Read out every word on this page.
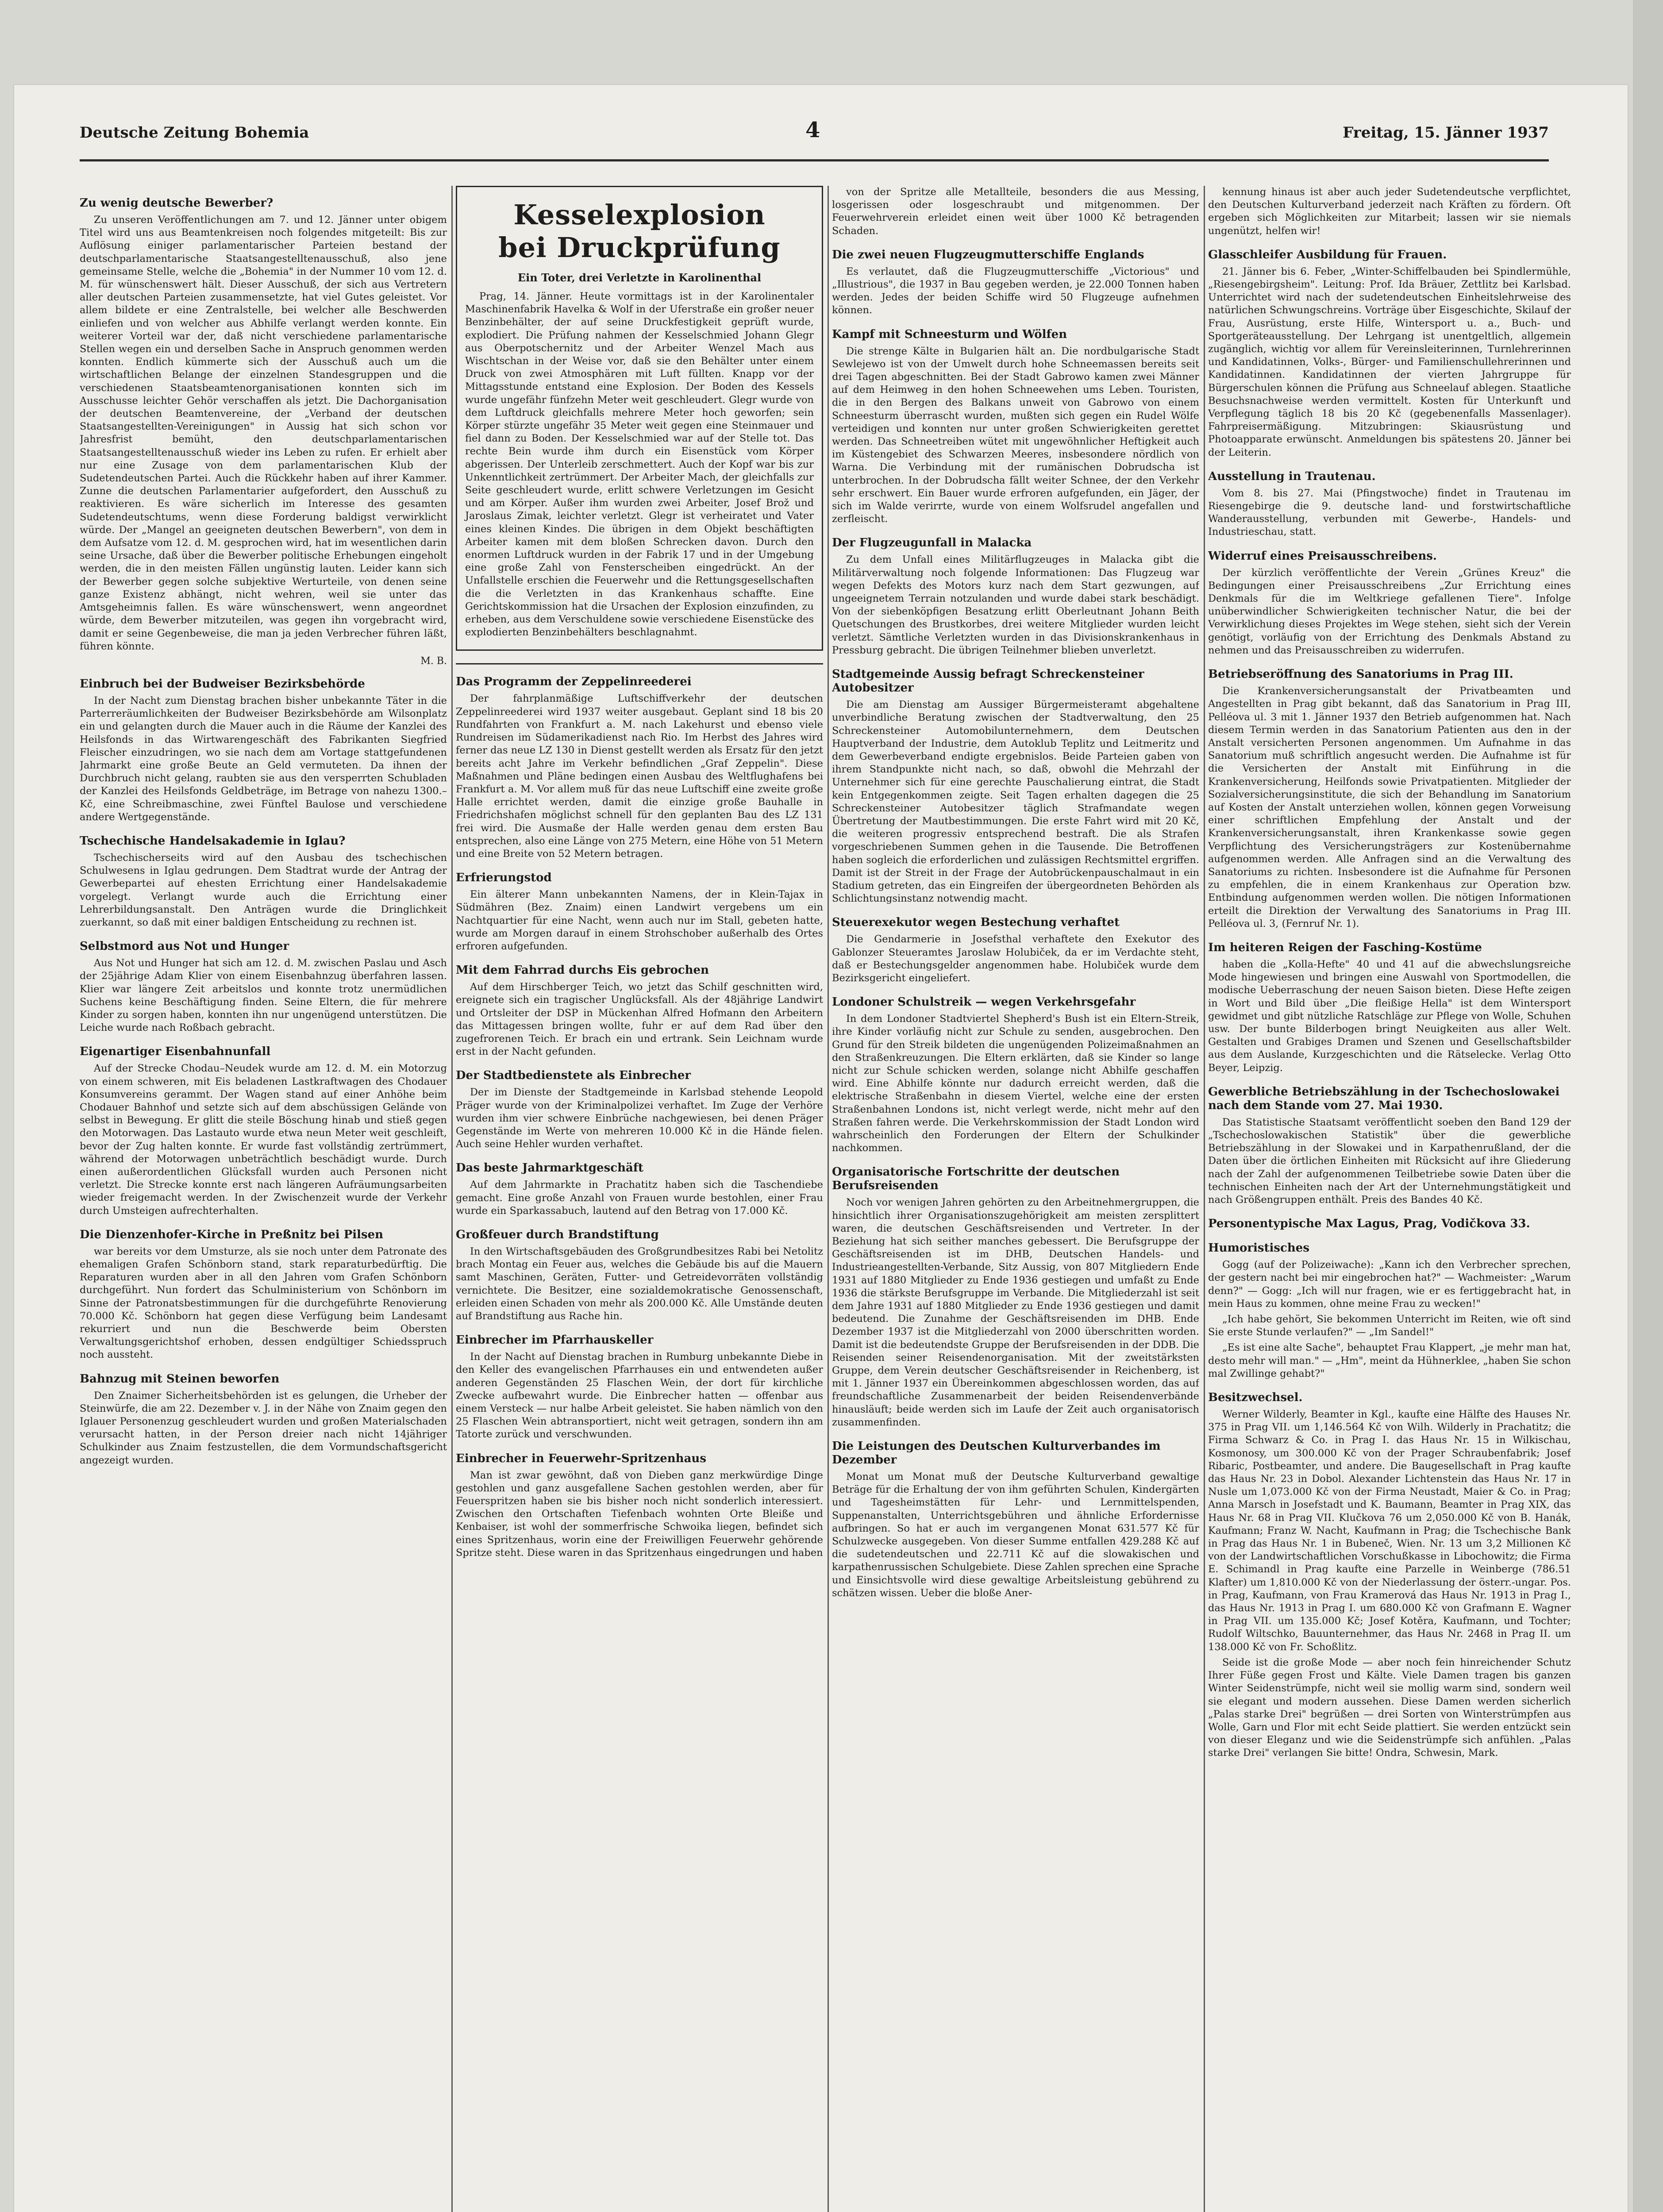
Deutsche Zeitung Bohemia	4	Freitag, 15. Jänner 1937
Zu wenig deutsche Bewerber?

Zu unseren Veröffentlichungen am 7. und 12. Jänner unter obigem Titel wird uns aus Beamtenkreisen noch folgendes mitgeteilt: Bis zur Auflösung einiger parlamentarischer Parteien bestand der deutschparlamentarische Staatsangestelltenausschuß, also jene gemeinsame Stelle, welche die „Bohemia" in der Nummer 10 vom 12. d. M. für wünschenswert hält. Dieser Ausschuß, der sich aus Vertretern aller deutschen Parteien zusammensetzte, hat viel Gutes geleistet. Vor allem bildete er eine Zentralstelle, bei welcher alle Beschwerden einliefen und von welcher aus Abhilfe verlangt werden konnte. Ein weiterer Vorteil war der, daß nicht verschiedene parlamentarische Stellen wegen ein und derselben Sache in Anspruch genommen werden konnten. Endlich kümmerte sich der Ausschuß auch um die wirtschaftlichen Belange der einzelnen Standesgruppen und die verschiedenen Staatsbeamtenorganisationen konnten sich im Ausschusse leichter Gehör verschaffen als jetzt. Die Dachorganisation der deutschen Beamtenvereine, der „Verband der deutschen Staatsangestellten-Vereinigungen" in Aussig hat sich schon vor Jahresfrist bemüht, den deutschparlamentarischen Staatsangestelltenausschuß wieder ins Leben zu rufen. Er erhielt aber nur eine Zusage von dem parlamentarischen Klub der Sudetendeutschen Partei. Auch die Rückkehr haben auf ihrer Kammer. Zunne die deutschen Parlamentarier aufgefordert, den Ausschuß zu reaktivieren. Es wäre sicherlich im Interesse des gesamten Sudetendeutschtums, wenn diese Forderung baldigst verwirklicht würde. Der „Mangel an geeigneten deutschen Bewerbern", von dem in dem Aufsatze vom 12. d. M. gesprochen wird, hat im wesentlichen darin seine Ursache, daß über die Bewerber politische Erhebungen eingeholt werden, die in den meisten Fällen ungünstig lauten. Leider kann sich der Bewerber gegen solche subjektive Werturteile, von denen seine ganze Existenz abhängt, nicht wehren, weil sie unter das Amtsgeheimnis fallen. Es wäre wünschenswert, wenn angeordnet würde, dem Bewerber mitzuteilen, was gegen ihn vorgebracht wird, damit er seine Gegenbeweise, die man ja jeden Verbrecher führen läßt, führen könnte.

M. B.
Einbruch bei der Budweiser Bezirksbehörde

In der Nacht zum Dienstag brachen bisher unbekannte Täter in die Parterreräumlichkeiten der Budweiser Bezirksbehörde am Wilsonplatz ein und gelangten durch die Mauer auch in die Räume der Kanzlei des Heilsfonds in das Wirtwarengeschäft des Fabrikanten Siegfried Fleischer einzudringen, wo sie nach dem am Vortage stattgefundenen Jahrmarkt eine große Beute an Geld vermuteten. Da ihnen der Durchbruch nicht gelang, raubten sie aus den versperrten Schubladen der Kanzlei des Heilsfonds Geldbeträge, im Betrage von nahezu 1300.– Kč, eine Schreibmaschine, zwei Fünftel Baulose und verschiedene andere Wertgegenstände.

Tschechische Handelsakademie in Iglau?

Tschechischerseits wird auf den Ausbau des tschechischen Schulwesens in Iglau gedrungen. Dem Stadtrat wurde der Antrag der Gewerbepartei auf ehesten Errichtung einer Handelsakademie vorgelegt. Verlangt wurde auch die Errichtung einer Lehrerbildungsanstalt. Den Anträgen wurde die Dringlichkeit zuerkannt, so daß mit einer baldigen Entscheidung zu rechnen ist.

Selbstmord aus Not und Hunger

Aus Not und Hunger hat sich am 12. d. M. zwischen Paslau und Asch der 25jährige Adam Klier von einem Eisenbahnzug überfahren lassen. Klier war längere Zeit arbeitslos und konnte trotz unermüdlichen Suchens keine Beschäftigung finden. Seine Eltern, die für mehrere Kinder zu sorgen haben, konnten ihn nur ungenügend unterstützen. Die Leiche wurde nach Roßbach gebracht.

Eigenartiger Eisenbahnunfall

Auf der Strecke Chodau–Neudek wurde am 12. d. M. ein Motorzug von einem schweren, mit Eis beladenen Lastkraftwagen des Chodauer Konsumvereins gerammt. Der Wagen stand auf einer Anhöhe beim Chodauer Bahnhof und setzte sich auf dem abschüssigen Gelände von selbst in Bewegung. Er glitt die steile Böschung hinab und stieß gegen den Motorwagen. Das Lastauto wurde etwa neun Meter weit geschleift, bevor der Zug halten konnte. Er wurde fast vollständig zertrümmert, während der Motorwagen unbeträchtlich beschädigt wurde. Durch einen außerordentlichen Glücksfall wurden auch Personen nicht verletzt. Die Strecke konnte erst nach längeren Aufräumungsarbeiten wieder freigemacht werden. In der Zwischenzeit wurde der Verkehr durch Umsteigen aufrechterhalten.

Die Dienzenhofer-Kirche in Preßnitz bei Pilsen

war bereits vor dem Umsturze, als sie noch unter dem Patronate des ehemaligen Grafen Schönborn stand, stark reparaturbedürftig. Die Reparaturen wurden aber in all den Jahren vom Grafen Schönborn durchgeführt. Nun fordert das Schulministerium von Schönborn im Sinne der Patronatsbestimmungen für die durchgeführte Renovierung 70.000 Kč. Schönborn hat gegen diese Verfügung beim Landesamt rekurriert und nun die Beschwerde beim Obersten Verwaltungsgerichtshof erhoben, dessen endgültiger Schiedsspruch noch aussteht.

Bahnzug mit Steinen beworfen

Den Znaimer Sicherheitsbehörden ist es gelungen, die Urheber der Steinwürfe, die am 22. Dezember v. J. in der Nähe von Znaim gegen den Iglauer Personenzug geschleudert wurden und großen Materialschaden verursacht hatten, in der Person dreier nach nicht 14jähriger Schulkinder aus Znaim festzustellen, die dem Vormundschaftsgericht angezeigt wurden.

Kesselexplosion
bei Druckprüfung
Ein Toter, drei Verletzte in Karolinenthal

Prag, 14. Jänner. Heute vormittags ist in der Karolinentaler Maschinenfabrik Havelka & Wolf in der Uferstraße ein großer neuer Benzinbehälter, der auf seine Druckfestigkeit geprüft wurde, explodiert. Die Prüfung nahmen der Kesselschmied Johann Glegr aus Oberpotschernitz und der Arbeiter Wenzel Mach aus Wischtschan in der Weise vor, daß sie den Behälter unter einem Druck von zwei Atmosphären mit Luft füllten. Knapp vor der Mittagsstunde entstand eine Explosion. Der Boden des Kessels wurde ungefähr fünfzehn Meter weit geschleudert. Glegr wurde von dem Luftdruck gleichfalls mehrere Meter hoch geworfen; sein Körper stürzte ungefähr 35 Meter weit gegen eine Steinmauer und fiel dann zu Boden. Der Kesselschmied war auf der Stelle tot. Das rechte Bein wurde ihm durch ein Eisenstück vom Körper abgerissen. Der Unterleib zerschmettert. Auch der Kopf war bis zur Unkenntlichkeit zertrümmert. Der Arbeiter Mach, der gleichfalls zur Seite geschleudert wurde, erlitt schwere Verletzungen im Gesicht und am Körper. Außer ihm wurden zwei Arbeiter, Josef Brož und Jaroslaus Zimak, leichter verletzt. Glegr ist verheiratet und Vater eines kleinen Kindes. Die übrigen in dem Objekt beschäftigten Arbeiter kamen mit dem bloßen Schrecken davon. Durch den enormen Luftdruck wurden in der Fabrik 17 und in der Umgebung eine große Zahl von Fensterscheiben eingedrückt. An der Unfallstelle erschien die Feuerwehr und die Rettungsgesellschaften die die Verletzten in das Krankenhaus schaffte. Eine Gerichtskommission hat die Ursachen der Explosion einzufinden, zu erheben, aus dem Verschuldene sowie verschiedene Eisenstücke des explodierten Benzinbehälters beschlagnahmt.

Das Programm der Zeppelinreederei

Der fahrplanmäßige Luftschiffverkehr der deutschen Zeppelinreederei wird 1937 weiter ausgebaut. Geplant sind 18 bis 20 Rundfahrten von Frankfurt a. M. nach Lakehurst und ebenso viele Rundreisen im Südamerikadienst nach Rio. Im Herbst des Jahres wird ferner das neue LZ 130 in Dienst gestellt werden als Ersatz für den jetzt bereits acht Jahre im Verkehr befindlichen „Graf Zeppelin". Diese Maßnahmen und Pläne bedingen einen Ausbau des Weltflughafens bei Frankfurt a. M. Vor allem muß für das neue Luftschiff eine zweite große Halle errichtet werden, damit die einzige große Bauhalle in Friedrichshafen möglichst schnell für den geplanten Bau des LZ 131 frei wird. Die Ausmaße der Halle werden genau dem ersten Bau entsprechen, also eine Länge von 275 Metern, eine Höhe von 51 Metern und eine Breite von 52 Metern betragen.

Erfrierungstod

Ein älterer Mann unbekannten Namens, der in Klein-Tajax in Südmähren (Bez. Znaim) einen Landwirt vergebens um ein Nachtquartier für eine Nacht, wenn auch nur im Stall, gebeten hatte, wurde am Morgen darauf in einem Strohschober außerhalb des Ortes erfroren aufgefunden.

Mit dem Fahrrad durchs Eis gebrochen

Auf dem Hirschberger Teich, wo jetzt das Schilf geschnitten wird, ereignete sich ein tragischer Unglücksfall. Als der 48jährige Landwirt und Ortsleiter der DSP in Mückenhan Alfred Hofmann den Arbeitern das Mittagessen bringen wollte, fuhr er auf dem Rad über den zugefrorenen Teich. Er brach ein und ertrank. Sein Leichnam wurde erst in der Nacht gefunden.

Der Stadtbedienstete als Einbrecher

Der im Dienste der Stadtgemeinde in Karlsbad stehende Leopold Präger wurde von der Kriminalpolizei verhaftet. Im Zuge der Verhöre wurden ihm vier schwere Einbrüche nachgewiesen, bei denen Präger Gegenstände im Werte von mehreren 10.000 Kč in die Hände fielen. Auch seine Hehler wurden verhaftet.

Das beste Jahrmarktgeschäft

Auf dem Jahrmarkte in Prachatitz haben sich die Taschendiebe gemacht. Eine große Anzahl von Frauen wurde bestohlen, einer Frau wurde ein Sparkassabuch, lautend auf den Betrag von 17.000 Kč.

Großfeuer durch Brandstiftung

In den Wirtschaftsgebäuden des Großgrundbesitzes Rabi bei Netolitz brach Montag ein Feuer aus, welches die Gebäude bis auf die Mauern samt Maschinen, Geräten, Futter- und Getreidevorräten vollständig vernichtete. Die Besitzer, eine sozialdemokratische Genossenschaft, erleiden einen Schaden von mehr als 200.000 Kč. Alle Umstände deuten auf Brandstiftung aus Rache hin.

Einbrecher im Pfarrhauskeller

In der Nacht auf Dienstag brachen in Rumburg unbekannte Diebe in den Keller des evangelischen Pfarrhauses ein und entwendeten außer anderen Gegenständen 25 Flaschen Wein, der dort für kirchliche Zwecke aufbewahrt wurde. Die Einbrecher hatten — offenbar aus einem Versteck — nur halbe Arbeit geleistet. Sie haben nämlich von den 25 Flaschen Wein abtransportiert, nicht weit getragen, sondern ihn am Tatorte zurück und verschwunden.

Einbrecher in Feuerwehr-Spritzenhaus

Man ist zwar gewöhnt, daß von Dieben ganz merkwürdige Dinge gestohlen und ganz ausgefallene Sachen gestohlen werden, aber für Feuerspritzen haben sie bis bisher noch nicht sonderlich interessiert. Zwischen den Ortschaften Tiefenbach wohnten Orte Bleiße und Kenbaiser, ist wohl der sommerfrische Schwoika liegen, befindet sich eines Spritzenhaus, worin eine der Freiwilligen Feuerwehr gehörende Spritze steht. Diese waren in das Spritzenhaus eingedrungen und haben

von der Spritze alle Metallteile, besonders die aus Messing, losgerissen oder losgeschraubt und mitgenommen. Der Feuerwehrverein erleidet einen weit über 1000 Kč betragenden Schaden.

Die zwei neuen Flugzeugmutterschiffe Englands

Es verlautet, daß die Flugzeugmutterschiffe „Victorious" und „Illustrious", die 1937 in Bau gegeben werden, je 22.000 Tonnen haben werden. Jedes der beiden Schiffe wird 50 Flugzeuge aufnehmen können.

Kampf mit Schneesturm und Wölfen

Die strenge Kälte in Bulgarien hält an. Die nordbulgarische Stadt Sewlejewo ist von der Umwelt durch hohe Schneemassen bereits seit drei Tagen abgeschnitten. Bei der Stadt Gabrowo kamen zwei Männer auf dem Heimweg in den hohen Schneewehen ums Leben. Touristen, die in den Bergen des Balkans unweit von Gabrowo von einem Schneesturm überrascht wurden, mußten sich gegen ein Rudel Wölfe verteidigen und konnten nur unter großen Schwierigkeiten gerettet werden. Das Schneetreiben wütet mit ungewöhnlicher Heftigkeit auch im Küstengebiet des Schwarzen Meeres, insbesondere nördlich von Warna. Die Verbindung mit der rumänischen Dobrudscha ist unterbrochen. In der Dobrudscha fällt weiter Schnee, der den Verkehr sehr erschwert. Ein Bauer wurde erfroren aufgefunden, ein Jäger, der sich im Walde verirrte, wurde von einem Wolfsrudel angefallen und zerfleischt.

Der Flugzeugunfall in Malacka

Zu dem Unfall eines Militärflugzeuges in Malacka gibt die Militärverwaltung noch folgende Informationen: Das Flugzeug war wegen Defekts des Motors kurz nach dem Start gezwungen, auf ungeeignetem Terrain notzulanden und wurde dabei stark beschädigt. Von der siebenköpfigen Besatzung erlitt Oberleutnant Johann Beith Quetschungen des Brustkorbes, drei weitere Mitglieder wurden leicht verletzt. Sämtliche Verletzten wurden in das Divisionskrankenhaus in Pressburg gebracht. Die übrigen Teilnehmer blieben unverletzt.

Stadtgemeinde Aussig befragt Schreckensteiner Autobesitzer

Die am Dienstag am Aussiger Bürgermeisteramt abgehaltene unverbindliche Beratung zwischen der Stadtverwaltung, den 25 Schreckensteiner Automobilunternehmern, dem Deutschen Hauptverband der Industrie, dem Autoklub Teplitz und Leitmeritz und dem Gewerbeverband endigte ergebnislos. Beide Parteien gaben von ihrem Standpunkte nicht nach, so daß, obwohl die Mehrzahl der Unternehmer sich für eine gerechte Pauschalierung eintrat, die Stadt kein Entgegenkommen zeigte. Seit Tagen erhalten dagegen die 25 Schreckensteiner Autobesitzer täglich Strafmandate wegen Übertretung der Mautbestimmungen. Die erste Fahrt wird mit 20 Kč, die weiteren progressiv entsprechend bestraft. Die als Strafen vorgeschriebenen Summen gehen in die Tausende. Die Betroffenen haben sogleich die erforderlichen und zulässigen Rechtsmittel ergriffen. Damit ist der Streit in der Frage der Autobrückenpauschalmaut in ein Stadium getreten, das ein Eingreifen der übergeordneten Behörden als Schlichtungsinstanz notwendig macht.

Steuerexekutor wegen Bestechung verhaftet

Die Gendarmerie in Josefsthal verhaftete den Exekutor des Gablonzer Steueramtes Jaroslaw Holubiček, da er im Verdachte steht, daß er Bestechungsgelder angenommen habe. Holubiček wurde dem Bezirksgericht eingeliefert.

Londoner Schulstreik — wegen Verkehrsgefahr

In dem Londoner Stadtviertel Shepherd's Bush ist ein Eltern-Streik, ihre Kinder vorläufig nicht zur Schule zu senden, ausgebrochen. Den Grund für den Streik bildeten die ungenügenden Polizeimaßnahmen an den Straßenkreuzungen. Die Eltern erklärten, daß sie Kinder so lange nicht zur Schule schicken werden, solange nicht Abhilfe geschaffen wird. Eine Abhilfe könnte nur dadurch erreicht werden, daß die elektrische Straßenbahn in diesem Viertel, welche eine der ersten Straßenbahnen Londons ist, nicht verlegt werde, nicht mehr auf den Straßen fahren werde. Die Verkehrskommission der Stadt London wird wahrscheinlich den Forderungen der Eltern der Schulkinder nachkommen.

Organisatorische Fortschritte der deutschen Berufsreisenden

Noch vor wenigen Jahren gehörten zu den Arbeitnehmergruppen, die hinsichtlich ihrer Organisationszugehörigkeit am meisten zersplittert waren, die deutschen Geschäftsreisenden und Vertreter. In der Beziehung hat sich seither manches gebessert. Die Berufsgruppe der Geschäftsreisenden ist im DHB, Deutschen Handels- und Industrieangestellten-Verbande, Sitz Aussig, von 807 Mitgliedern Ende 1931 auf 1880 Mitglieder zu Ende 1936 gestiegen und umfaßt zu Ende 1936 die stärkste Berufsgruppe im Verbande. Die Mitgliederzahl ist seit dem Jahre 1931 auf 1880 Mitglieder zu Ende 1936 gestiegen und damit bedeutend. Die Zunahme der Geschäftsreisenden im DHB. Ende Dezember 1937 ist die Mitgliederzahl von 2000 überschritten worden. Damit ist die bedeutendste Gruppe der Berufsreisenden in der DDB. Die Reisenden seiner Reisendenorganisation. Mit der zweitstärksten Gruppe, dem Verein deutscher Geschäftsreisender in Reichenberg, ist mit 1. Jänner 1937 ein Übereinkommen abgeschlossen worden, das auf freundschaftliche Zusammenarbeit der beiden Reisendenverbände hinausläuft; beide werden sich im Laufe der Zeit auch organisatorisch zusammenfinden.

Die Leistungen des Deutschen Kulturverbandes im Dezember

Monat um Monat muß der Deutsche Kulturverband gewaltige Beträge für die Erhaltung der von ihm geführten Schulen, Kindergärten und Tagesheimstätten für Lehr- und Lernmittelspenden, Suppenanstalten, Unterrichtsgebühren und ähnliche Erfordernisse aufbringen. So hat er auch im vergangenen Monat 631.577 Kč für Schulzwecke ausgegeben. Von dieser Summe entfallen 429.288 Kč auf die sudetendeutschen und 22.711 Kč auf die slowakischen und karpathenrussischen Schulgebiete. Diese Zahlen sprechen eine Sprache und Einsichtsvolle wird diese gewaltige Arbeitsleistung gebührend zu schätzen wissen. Ueber die bloße Aner-

kennung hinaus ist aber auch jeder Sudetendeutsche verpflichtet, den Deutschen Kulturverband jederzeit nach Kräften zu fördern. Oft ergeben sich Möglichkeiten zur Mitarbeit; lassen wir sie niemals ungenützt, helfen wir!

Glasschleifer Ausbildung für Frauen.

21. Jänner bis 6. Feber, „Winter-Schiffelbauden bei Spindlermühle, „Riesengebirgsheim". Leitung: Prof. Ida Bräuer, Zettlitz bei Karlsbad. Unterrichtet wird nach der sudetendeutschen Einheitslehrweise des natürlichen Schwungschreins. Vorträge über Eisgeschichte, Skilauf der Frau, Ausrüstung, erste Hilfe, Wintersport u. a., Buch- und Sportgeräteausstellung. Der Lehrgang ist unentgeltlich, allgemein zugänglich, wichtig vor allem für Vereinsleiterinnen, Turnlehrerinnen und Kandidatinnen, Volks-, Bürger- und Familienschullehrerinnen und Kandidatinnen. Kandidatinnen der vierten Jahrgruppe für Bürgerschulen können die Prüfung aus Schneelauf ablegen. Staatliche Besuchsnachweise werden vermittelt. Kosten für Unterkunft und Verpflegung täglich 18 bis 20 Kč (gegebenenfalls Massenlager). Fahrpreisermäßigung. Mitzubringen: Skiausrüstung und Photoapparate erwünscht. Anmeldungen bis spätestens 20. Jänner bei der Leiterin.

Ausstellung in Trautenau.

Vom 8. bis 27. Mai (Pfingstwoche) findet in Trautenau im Riesengebirge die 9. deutsche land- und forstwirtschaftliche Wanderausstellung, verbunden mit Gewerbe-, Handels- und Industrieschau, statt.

Widerruf eines Preisausschreibens.

Der kürzlich veröffentlichte der Verein „Grünes Kreuz" die Bedingungen einer Preisausschreibens „Zur Errichtung eines Denkmals für die im Weltkriege gefallenen Tiere". Infolge unüberwindlicher Schwierigkeiten technischer Natur, die bei der Verwirklichung dieses Projektes im Wege stehen, sieht sich der Verein genötigt, vorläufig von der Errichtung des Denkmals Abstand zu nehmen und das Preisausschreiben zu widerrufen.

Betriebseröffnung des Sanatoriums in Prag III.

Die Krankenversicherungsanstalt der Privatbeamten und Angestellten in Prag gibt bekannt, daß das Sanatorium in Prag III, Pelléova ul. 3 mit 1. Jänner 1937 den Betrieb aufgenommen hat. Nach diesem Termin werden in das Sanatorium Patienten aus den in der Anstalt versicherten Personen angenommen. Um Aufnahme in das Sanatorium muß schriftlich angesucht werden. Die Aufnahme ist für die Versicherten der Anstalt mit Einführung in die Krankenversicherung, Heilfonds sowie Privatpatienten. Mitglieder der Sozialversicherungsinstitute, die sich der Behandlung im Sanatorium auf Kosten der Anstalt unterziehen wollen, können gegen Vorweisung einer schriftlichen Empfehlung der Anstalt und der Krankenversicherungsanstalt, ihren Krankenkasse sowie gegen Verpflichtung des Versicherungsträgers zur Kostenübernahme aufgenommen werden. Alle Anfragen sind an die Verwaltung des Sanatoriums zu richten. Insbesondere ist die Aufnahme für Personen zu empfehlen, die in einem Krankenhaus zur Operation bzw. Entbindung aufgenommen werden wollen. Die nötigen Informationen erteilt die Direktion der Verwaltung des Sanatoriums in Prag III. Pelléova ul. 3, (Fernruf Nr. 1).

Im heiteren Reigen der Fasching-Kostüme

haben die „Kolla-Hefte" 40 und 41 auf die abwechslungsreiche Mode hingewiesen und bringen eine Auswahl von Sportmodellen, die modische Ueberraschung der neuen Saison bieten. Diese Hefte zeigen in Wort und Bild über „Die fleißige Hella" ist dem Wintersport gewidmet und gibt nützliche Ratschläge zur Pflege von Wolle, Schuhen usw. Der bunte Bilderbogen bringt Neuigkeiten aus aller Welt. Gestalten und Grabiges Dramen und Szenen und Gesellschaftsbilder aus dem Auslande, Kurzgeschichten und die Rätselecke. Verlag Otto Beyer, Leipzig.

Gewerbliche Betriebszählung in der Tschechoslowakei nach dem Stande vom 27. Mai 1930.

Das Statistische Staatsamt veröffentlicht soeben den Band 129 der „Tschechoslowakischen Statistik" über die gewerbliche Betriebszählung in der Slowakei und in Karpathenrußland, der die Daten über die örtlichen Einheiten mit Rücksicht auf ihre Gliederung nach der Zahl der aufgenommenen Teilbetriebe sowie Daten über die technischen Einheiten nach der Art der Unternehmungstätigkeit und nach Größengruppen enthält. Preis des Bandes 40 Kč.

Personentypische Max Lagus, Prag, Vodičkova 33.
Humoristisches

Gogg (auf der Polizeiwache): „Kann ich den Verbrecher sprechen, der gestern nacht bei mir eingebrochen hat?" — Wachmeister: „Warum denn?" — Gogg: „Ich will nur fragen, wie er es fertiggebracht hat, in mein Haus zu kommen, ohne meine Frau zu wecken!"

„Ich habe gehört, Sie bekommen Unterricht im Reiten, wie oft sind Sie erste Stunde verlaufen?" — „Im Sandel!"

„Es ist eine alte Sache", behauptet Frau Klappert, „je mehr man hat, desto mehr will man." — „Hm", meint da Hühnerklee, „haben Sie schon mal Zwillinge gehabt?"

Besitzwechsel.

Werner Wilderly, Beamter in Kgl., kaufte eine Hälfte des Hauses Nr. 375 in Prag VII. um 1,146.564 Kč von Wilh. Wilderly in Prachatitz; die Firma Schwarz & Co. in Prag I. das Haus Nr. 15 in Wilkischau, Kosmonosy, um 300.000 Kč von der Prager Schraubenfabrik; Josef Ribaric, Postbeamter, und andere. Die Baugesellschaft in Prag kaufte das Haus Nr. 23 in Dobol. Alexander Lichtenstein das Haus Nr. 17 in Nusle um 1,073.000 Kč von der Firma Neustadt, Maier & Co. in Prag; Anna Marsch in Josefstadt und K. Baumann, Beamter in Prag XIX, das Haus Nr. 68 in Prag VII. Klučkova 76 um 2,050.000 Kč von B. Hanák, Kaufmann; Franz W. Nacht, Kaufmann in Prag; die Tschechische Bank in Prag das Haus Nr. 1 in Bubeneč, Wien. Nr. 13 um 3,2 Millionen Kč von der Landwirtschaftlichen Vorschußkasse in Libochowitz; die Firma E. Schimandl in Prag kaufte eine Parzelle in Weinberge (786.51 Klafter) um 1,810.000 Kč von der Niederlassung der österr.-ungar. Pos. in Prag, Kaufmann, von Frau Kramerová das Haus Nr. 1913 in Prag I., das Haus Nr. 1913 in Prag I. um 680.000 Kč von Grafmann E. Wagner in Prag VII. um 135.000 Kč; Josef Kotěra, Kaufmann, und Tochter; Rudolf Wiltschko, Bauunternehmer, das Haus Nr. 2468 in Prag II. um 138.000 Kč von Fr. Schoßlitz.

Seide ist die große Mode — aber noch fein hinreichender Schutz Ihrer Füße gegen Frost und Kälte. Viele Damen tragen bis ganzen Winter Seidenstrümpfe, nicht weil sie mollig warm sind, sondern weil sie elegant und modern aussehen. Diese Damen werden sicherlich „Palas starke Drei" begrüßen — drei Sorten von Winterstrümpfen aus Wolle, Garn und Flor mit echt Seide plattiert. Sie werden entzückt sein von dieser Eleganz und wie die Seidenstrümpfe sich anfühlen. „Palas starke Drei" verlangen Sie bitte! Ondra, Schwesin, Mark.
